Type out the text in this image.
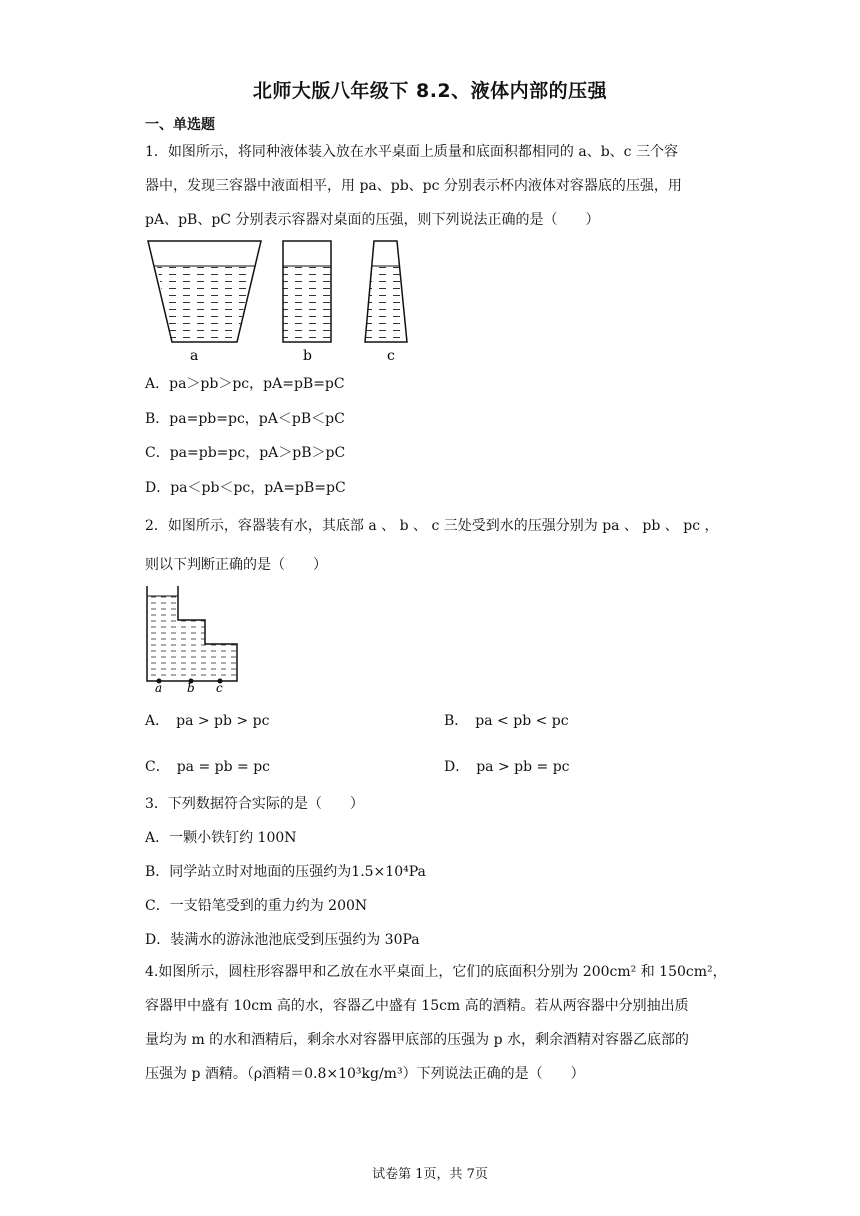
北师大版八年级下 8.2、液体内部的压强
一、单选题
1．如图所示，将同种液体装入放在水平桌面上质量和底面积都相同的 a、b、c 三个容
器中，发现三容器中液面相平，用 pa、pb、pc 分别表示杯内液体对容器底的压强，用
pA、pB、pC 分别表示容器对桌面的压强，则下列说法正确的是（　　）
a	b	c
A．pa＞pb＞pc，pA=pB=pC
B．pa=pb=pc，pA＜pB＜pC
C．pa=pb=pc，pA＞pB＞pC
D．pa＜pb＜pc，pA=pB=pC
2．如图所示，容器装有水，其底部 a 、 b 、 c 三处受到水的压强分别为 pa 、 pb 、 pc ，
则以下判断正确的是（　　）
a b c
A．　pa > pb > pc	B．　pa < pb < pc
C．　pa = pb = pc	D．　pa > pb = pc
3．下列数据符合实际的是（　　）
A．一颗小铁钉约 100N
B．同学站立时对地面的压强约为1.5×10⁴Pa
C．一支铅笔受到的重力约为 200N
D．装满水的游泳池池底受到压强约为 30Pa
4.如图所示，圆柱形容器甲和乙放在水平桌面上，它们的底面积分别为 200cm² 和 150cm²，
容器甲中盛有 10cm 高的水，容器乙中盛有 15cm 高的酒精。若从两容器中分别抽出质
量均为 m 的水和酒精后，剩余水对容器甲底部的压强为 p 水，剩余酒精对容器乙底部的
压强为 p 酒精。（ρ酒精＝0.8×10³kg/m³）下列说法正确的是（　　）
试卷第 1页，共 7页
